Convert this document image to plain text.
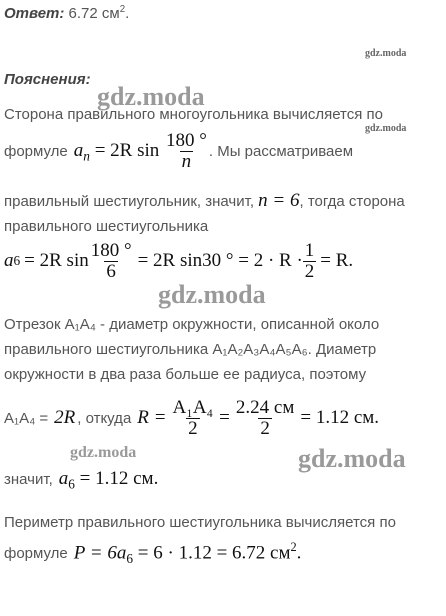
Ответ: 6.72 $см^2$.
gdz.moda
Пояснения:
gdz.moda
Сторона правильного многоугольника вычисляется по
gdz.moda
формуле $a_n = 2R$ $\sin \frac{180 ^\circ}{n}$ . Мы рассматриваем
правильный шестиугольник, значит, n = 6, тогда сторона
правильного шестиугольника
a 6 = 2R $\sin \frac{180 ^\circ}{6} = 2R$ sin30 ° = $2 \cdot R \cdot \frac{1}{2} = R$.
gdz.moda
Отрезок A₁A₄ - диаметр окружности, описанной около
правильного шестиугольника A₁A₂A₃A₄A₅A₆. Диаметр
окружности в два раза больше ее радиуса, поэтому
A₁A₄ = 2R , откуда $R = \frac{\text{A₁A₄}}{2} = \frac{2.24 см}{2} = 1.12$ см.
gdz.moda	gdz.moda
значит, $a_6 = 1.12$ см.
Периметр правильного шестиугольника вычисляется по
формуле $P = 6a_6 = 6 \cdot 1.12 = 6.72$ $см^2$.
